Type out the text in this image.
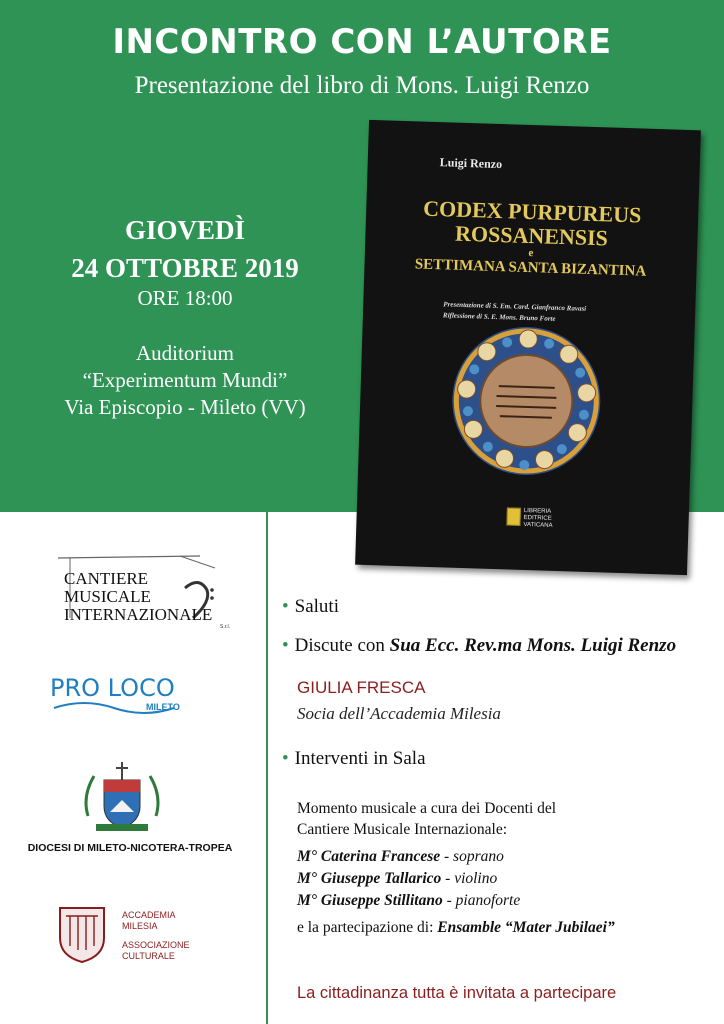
INCONTRO CON L’AUTORE
Presentazione del libro di Mons. Luigi Renzo
GIOVEDÌ
24 OTTOBRE 2019
ORE 18:00
Auditorium
“Experimentum Mundi”
Via Episcopio - Mileto (VV)
Luigi Renzo
CODEX PURPUREUS
ROSSANENSIS
e
SETTIMANA SANTA BIZANTINA
Presentazione di S. Em. Card. Gianfranco Ravasi
Riflessione di S. E. Mons. Bruno Forte
LIBRERIA
EDITRICE
VATICANA
CANTIERE
MUSICALE
INTERNAZIONALE
S.r.l.
PRO LOCO
MILETO
DIOCESI DI MILETO-NICOTERA-TROPEA
ACCADEMIA
MILESIA
ASSOCIAZIONE
CULTURALE
• Saluti
• Discute con Sua Ecc. Rev.ma Mons. Luigi Renzo
GIULIA FRESCA
Socia dell’Accademia Milesia
• Interventi in Sala
Momento musicale a cura dei Docenti del
Cantiere Musicale Internazionale:
M° Caterina Francese - soprano
M° Giuseppe Tallarico - violino
M° Giuseppe Stillitano - pianoforte
e la partecipazione di: Ensamble “Mater Jubilaei”
La cittadinanza tutta è invitata a partecipare
